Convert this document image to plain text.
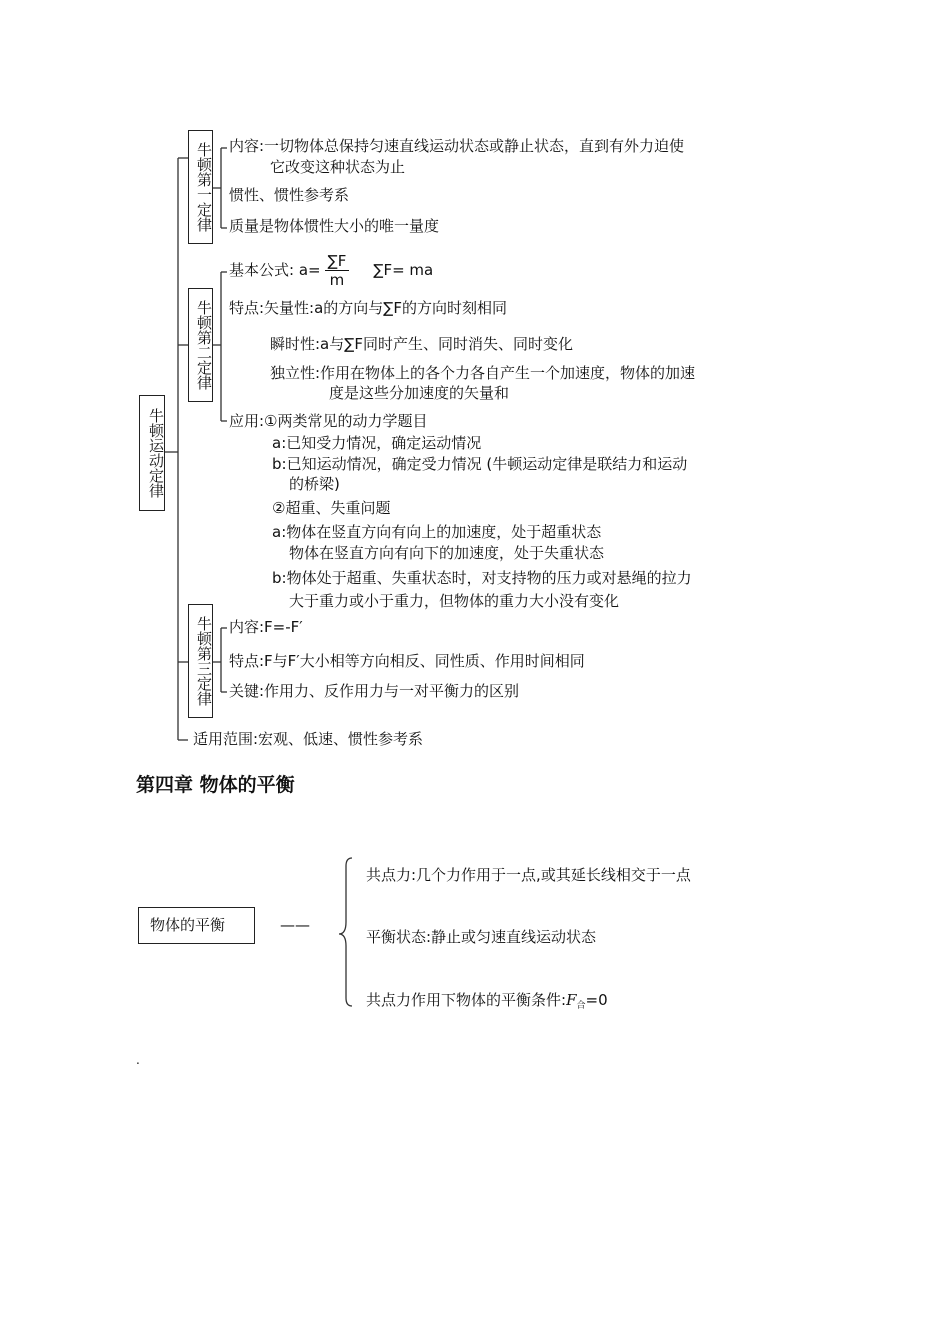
牛顿运动定律
牛顿第一定律
牛顿第二定律
牛顿第三定律
内容:一切物体总保持匀速直线运动状态或静止状态，直到有外力迫使
它改变这种状态为止
惯性、惯性参考系
质量是物体惯性大小的唯一量度
基本公式: $a= \frac{\sum F}{m} \sum F=$ ma
特点:矢量性:a的方向与∑F的方向时刻相同
瞬时性:a与∑F同时产生、同时消失、同时变化
独立性:作用在物体上的各个力各自产生一个加速度，物体的加速
度是这些分加速度的矢量和
应用:①两类常见的动力学题目
a:已知受力情况，确定运动情况
b:已知运动情况，确定受力情况 (牛顿运动定律是联结力和运动
的桥梁)
②超重、失重问题
a:物体在竖直方向有向上的加速度，处于超重状态
物体在竖直方向有向下的加速度，处于失重状态
b:物体处于超重、失重状态时，对支持物的压力或对悬绳的拉力
大于重力或小于重力，但物体的重力大小没有变化
内容:F=-F′
特点:F与F′大小相等方向相反、同性质、作用时间相同
关键:作用力、反作用力与一对平衡力的区别
适用范围:宏观、低速、惯性参考系
第四章 物体的平衡
物体的平衡	——
共点力:几个力作用于一点,或其延长线相交于一点
平衡状态:静止或匀速直线运动状态
共点力作用下物体的平衡条件$:F_合=0$
.
